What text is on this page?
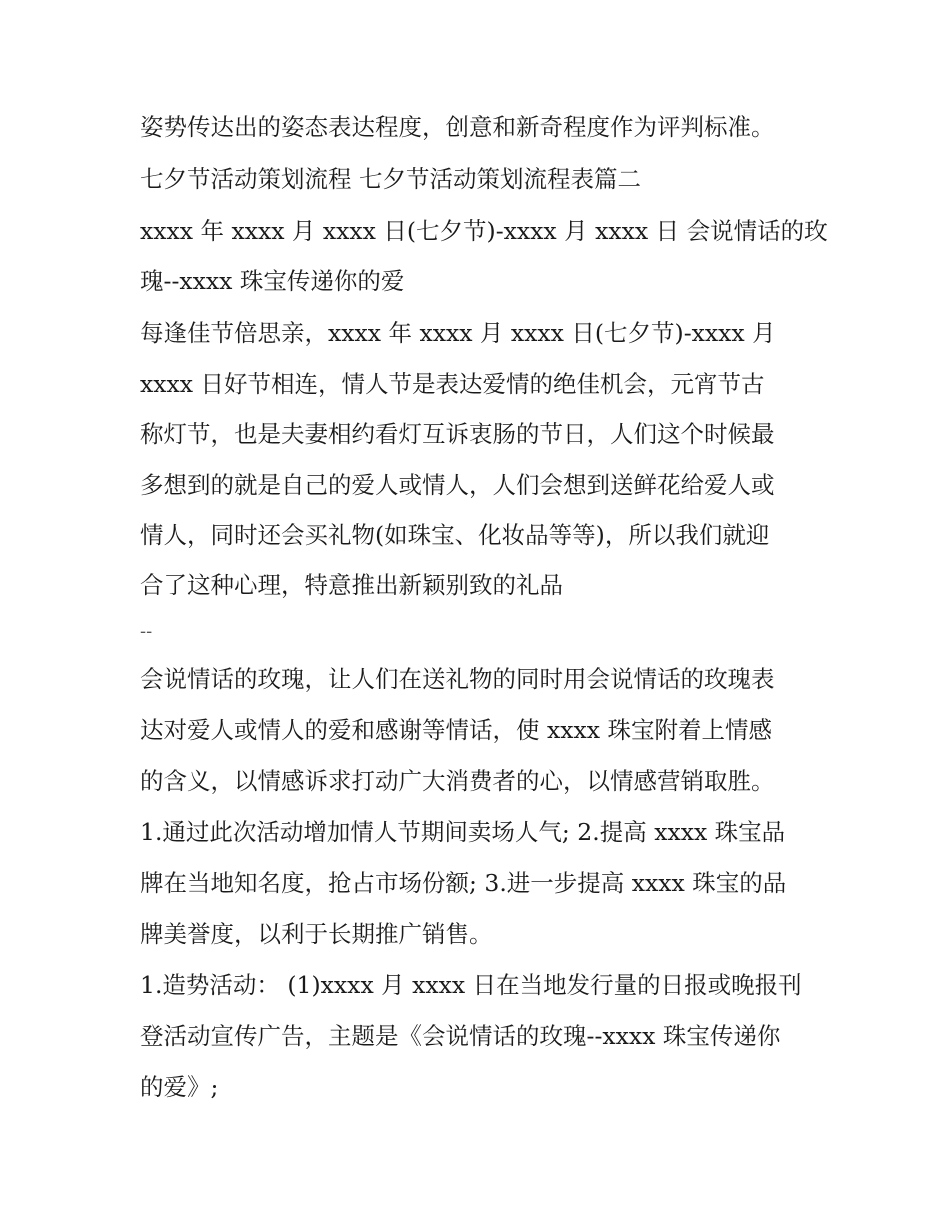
姿势传达出的姿态表达程度，创意和新奇程度作为评判标准。
七夕节活动策划流程 七夕节活动策划流程表篇二
xxxx 年 xxxx 月 xxxx 日(七夕节)-xxxx 月 xxxx 日 会说情话的玫
瑰--xxxx 珠宝传递你的爱
每逢佳节倍思亲，xxxx 年 xxxx 月 xxxx 日(七夕节)-xxxx 月
xxxx 日好节相连，情人节是表达爱情的绝佳机会，元宵节古
称灯节，也是夫妻相约看灯互诉衷肠的节日，人们这个时候最
多想到的就是自己的爱人或情人，人们会想到送鲜花给爱人或
情人，同时还会买礼物(如珠宝、化妆品等等)，所以我们就迎
合了这种心理，特意推出新颖别致的礼品
--
会说情话的玫瑰，让人们在送礼物的同时用会说情话的玫瑰表
达对爱人或情人的爱和感谢等情话，使 xxxx 珠宝附着上情感
的含义，以情感诉求打动广大消费者的心，以情感营销取胜。
1.通过此次活动增加情人节期间卖场人气; 2.提高 xxxx 珠宝品
牌在当地知名度，抢占市场份额; 3.进一步提高 xxxx 珠宝的品
牌美誉度，以利于长期推广销售。
1.造势活动： (1)xxxx 月 xxxx 日在当地发行量的日报或晚报刊
登活动宣传广告，主题是《会说情话的玫瑰--xxxx 珠宝传递你
的爱》;
